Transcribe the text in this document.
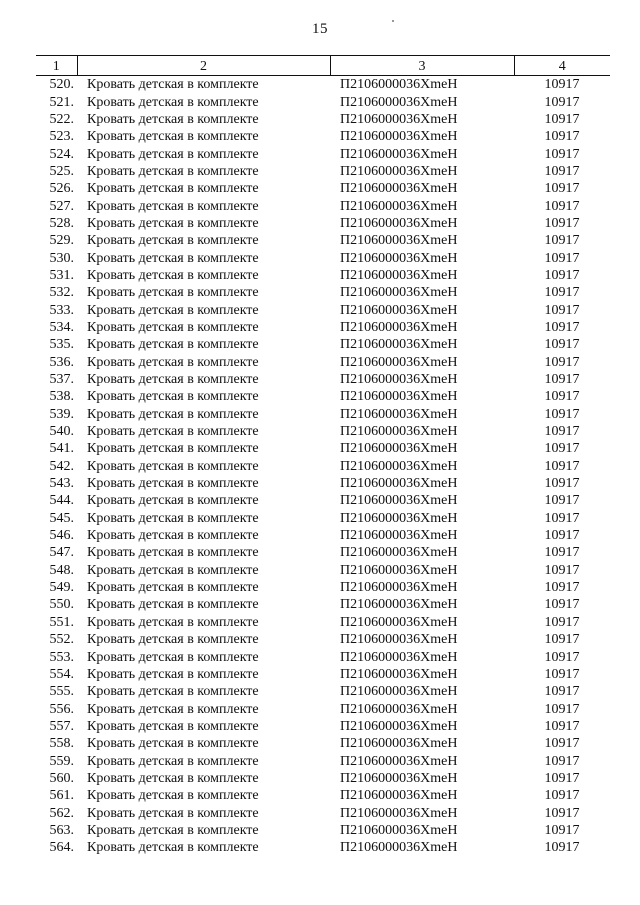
15
1	2	3	4
520.	Кровать детская в комплекте	П2106000036ХmeH	10917
521.	Кровать детская в комплекте	П2106000036ХmeH	10917
522.	Кровать детская в комплекте	П2106000036ХmeH	10917
523.	Кровать детская в комплекте	П2106000036ХmeH	10917
524.	Кровать детская в комплекте	П2106000036ХmeH	10917
525.	Кровать детская в комплекте	П2106000036ХmeH	10917
526.	Кровать детская в комплекте	П2106000036ХmeH	10917
527.	Кровать детская в комплекте	П2106000036ХmeH	10917
528.	Кровать детская в комплекте	П2106000036ХmeH	10917
529.	Кровать детская в комплекте	П2106000036ХmeH	10917
530.	Кровать детская в комплекте	П2106000036ХmeH	10917
531.	Кровать детская в комплекте	П2106000036ХmeH	10917
532.	Кровать детская в комплекте	П2106000036ХmeH	10917
533.	Кровать детская в комплекте	П2106000036ХmeH	10917
534.	Кровать детская в комплекте	П2106000036ХmeH	10917
535.	Кровать детская в комплекте	П2106000036ХmeH	10917
536.	Кровать детская в комплекте	П2106000036ХmeH	10917
537.	Кровать детская в комплекте	П2106000036ХmeH	10917
538.	Кровать детская в комплекте	П2106000036ХmeH	10917
539.	Кровать детская в комплекте	П2106000036ХmeH	10917
540.	Кровать детская в комплекте	П2106000036ХmeH	10917
541.	Кровать детская в комплекте	П2106000036ХmeH	10917
542.	Кровать детская в комплекте	П2106000036ХmeH	10917
543.	Кровать детская в комплекте	П2106000036ХmeH	10917
544.	Кровать детская в комплекте	П2106000036ХmeH	10917
545.	Кровать детская в комплекте	П2106000036ХmeH	10917
546.	Кровать детская в комплекте	П2106000036ХmeH	10917
547.	Кровать детская в комплекте	П2106000036ХmeH	10917
548.	Кровать детская в комплекте	П2106000036ХmeH	10917
549.	Кровать детская в комплекте	П2106000036ХmeH	10917
550.	Кровать детская в комплекте	П2106000036ХmeH	10917
551.	Кровать детская в комплекте	П2106000036ХmeH	10917
552.	Кровать детская в комплекте	П2106000036ХmeH	10917
553.	Кровать детская в комплекте	П2106000036ХmeH	10917
554.	Кровать детская в комплекте	П2106000036ХmeH	10917
555.	Кровать детская в комплекте	П2106000036ХmeH	10917
556.	Кровать детская в комплекте	П2106000036ХmeH	10917
557.	Кровать детская в комплекте	П2106000036ХmeH	10917
558.	Кровать детская в комплекте	П2106000036ХmeH	10917
559.	Кровать детская в комплекте	П2106000036ХmeH	10917
560.	Кровать детская в комплекте	П2106000036ХmeH	10917
561.	Кровать детская в комплекте	П2106000036ХmeH	10917
562.	Кровать детская в комплекте	П2106000036ХmeH	10917
563.	Кровать детская в комплекте	П2106000036ХmeH	10917
564.	Кровать детская в комплекте	П2106000036ХmeH	10917
